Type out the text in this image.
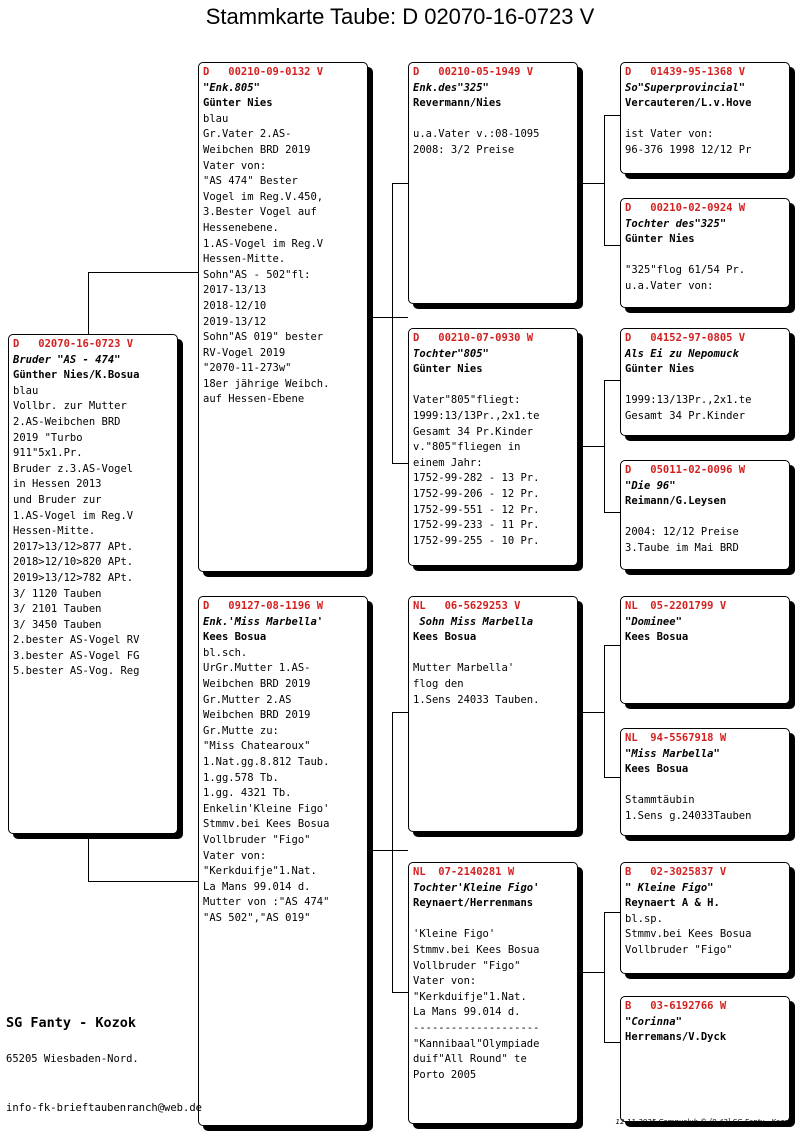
Stammkarte Taube: D 02070-16-0723 V
D   02070-16-0723 V
Bruder "AS - 474"
Günther Nies/K.Bosua
blau
Vollbr. zur Mutter
2.AS-Weibchen BRD
2019 "Turbo
911"5x1.Pr.
Bruder z.3.AS-Vogel
in Hessen 2013
und Bruder zur
1.AS-Vogel im Reg.V
Hessen-Mitte.
2017>13/12>877 APt.
2018>12/10>820 APt.
2019>13/12>782 APt.
3/ 1120 Tauben
3/ 2101 Tauben
3/ 3450 Tauben
2.bester AS-Vogel RV
3.bester AS-Vogel FG
5.bester AS-Vog. Reg
D   00210-09-0132 V
"Enk.805"
Günter Nies
blau
Gr.Vater 2.AS-
Weibchen BRD 2019
Vater von:
"AS 474" Bester
Vogel im Reg.V.450,
3.Bester Vogel auf
Hessenebene.
1.AS-Vogel im Reg.V
Hessen-Mitte.
Sohn"AS - 502"fl:
2017-13/13
2018-12/10
2019-13/12
Sohn"AS 019" bester
RV-Vogel 2019
"2070-11-273w"
18er jährige Weibch.
auf Hessen-Ebene
D   09127-08-1196 W
Enk.'Miss Marbella'
Kees Bosua
bl.sch.
UrGr.Mutter 1.AS-
Weibchen BRD 2019
Gr.Mutter 2.AS
Weibchen BRD 2019
Gr.Mutte zu:
"Miss Chatearoux"
1.Nat.gg.8.812 Taub.
1.gg.578 Tb.
1.gg. 4321 Tb.
Enkelin'Kleine Figo'
Stmmv.bei Kees Bosua
Vollbruder "Figo"
Vater von:
"Kerkduifje"1.Nat.
La Mans 99.014 d.
Mutter von :"AS 474"
"AS 502","AS 019"
D   00210-05-1949 V
Enk.des"325"
Revermann/Nies

u.a.Vater v.:08-1095
2008: 3/2 Preise
D   00210-07-0930 W
Tochter"805"
Günter Nies

Vater"805"fliegt:
1999:13/13Pr.,2x1.te
Gesamt 34 Pr.Kinder
v."805"fliegen in
einem Jahr:
1752-99-282 - 13 Pr.
1752-99-206 - 12 Pr.
1752-99-551 - 12 Pr.
1752-99-233 - 11 Pr.
1752-99-255 - 10 Pr.
NL   06-5629253 V
Sohn Miss Marbella
Kees Bosua

Mutter Marbella'
flog den
1.Sens 24033 Tauben.
NL  07-2140281 W
Tochter'Kleine Figo'
Reynaert/Herrenmans

'Kleine Figo'
Stmmv.bei Kees Bosua
Vollbruder "Figo"
Vater von:
"Kerkduifje"1.Nat.
La Mans 99.014 d.
--------------------
"Kannibaal"Olympiade
duif"All Round" te
Porto 2005
D   01439-95-1368 V
So"Superprovincial"
Vercauteren/L.v.Hove

ist Vater von:
96-376 1998 12/12 Pr
D   00210-02-0924 W
Tochter des"325"
Günter Nies

"325"flog 61/54 Pr.
u.a.Vater von:
D   04152-97-0805 V
Als Ei zu Nepomuck
Günter Nies

1999:13/13Pr.,2x1.te
Gesamt 34 Pr.Kinder
D   05011-02-0096 W
"Die 96"
Reimann/G.Leysen

2004: 12/12 Preise
3.Taube im Mai BRD
NL  05-2201799 V
"Dominee"
Kees Bosua
NL  94-5567918 W
"Miss Marbella"
Kees Bosua

Stammtäubin
1.Sens g.24033Tauben
B   02-3025837 V
" Kleine Figo"
Reynaert A & H.
bl.sp.
Stmmv.bei Kees Bosua
Vollbruder "Figo"
B   03-6192766 W
"Corinna"
Herremans/V.Dyck
SG Fanty - Kozok
65205 Wiesbaden-Nord.
info-fk-brieftaubenranch@web.de
12-11-2025 Compuclub © [9.42] SG Fanty - Kozok
